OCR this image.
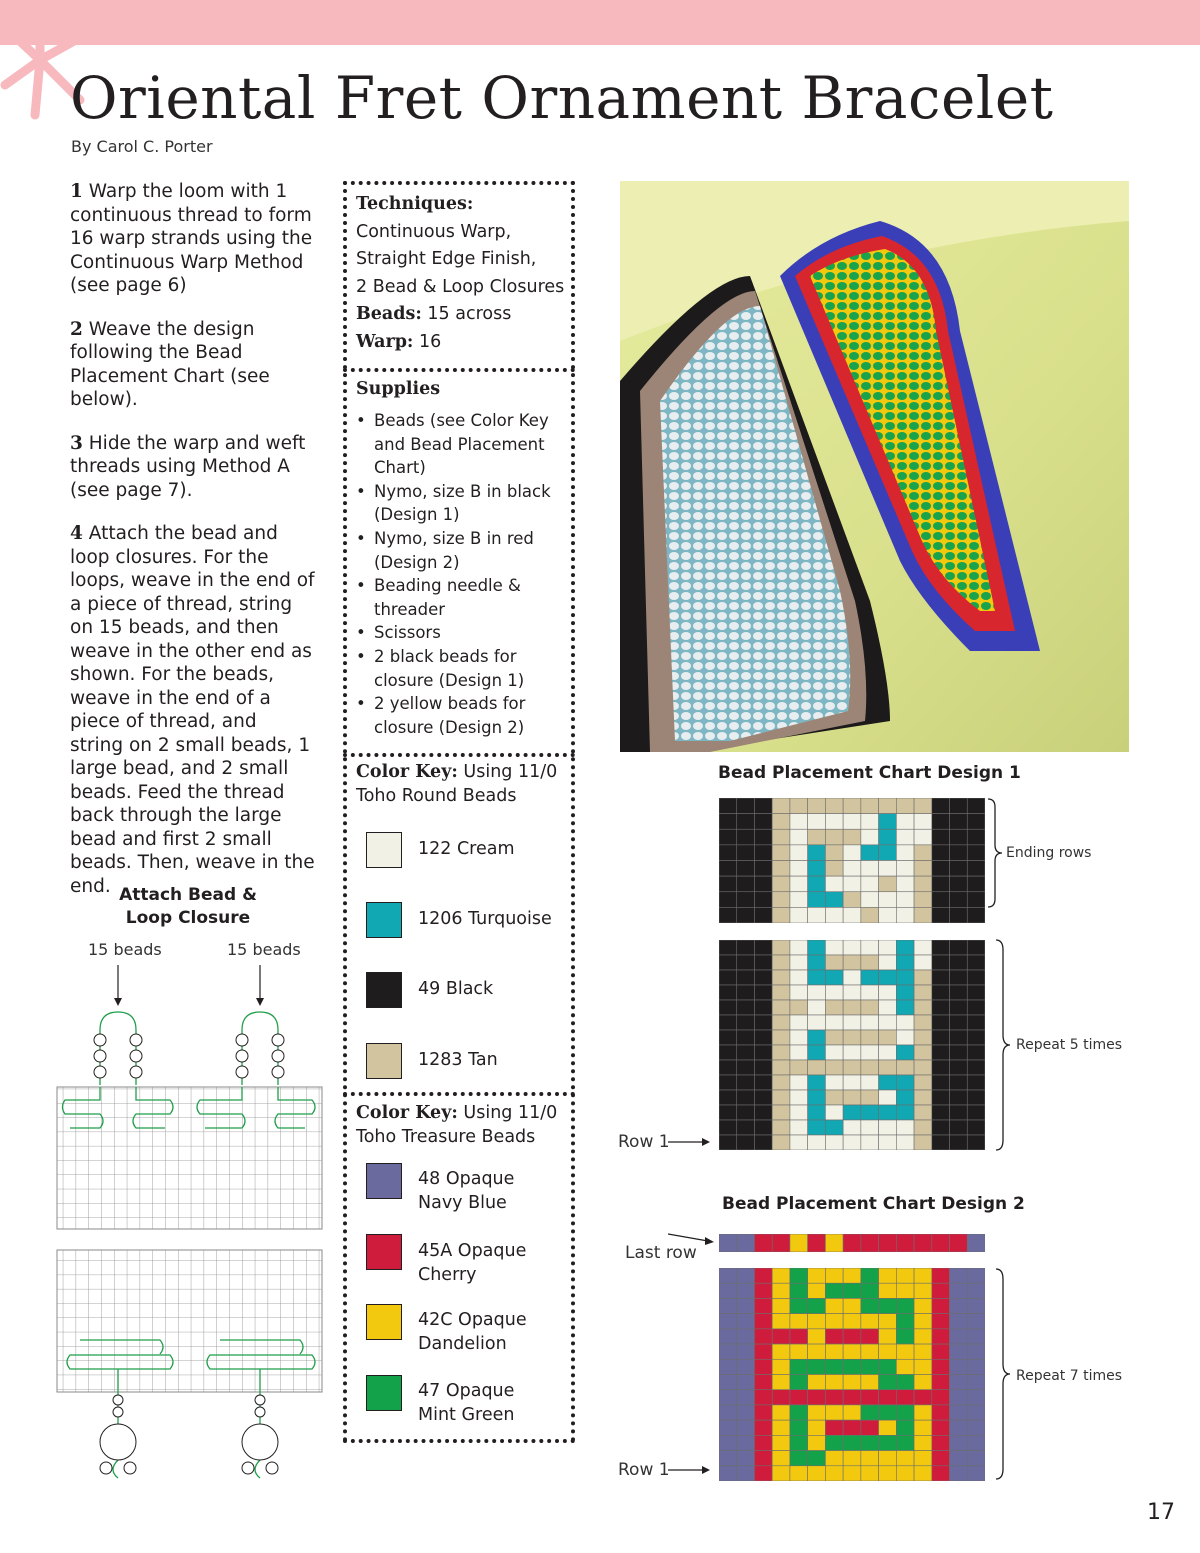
Oriental Fret Ornament Bracelet
By Carol C. Porter
1 Warp the loom with 1 continuous thread to form 16 warp strands using the Continuous Warp Method (see page 6)
2 Weave the design following the Bead Placement Chart (see below).
3 Hide the warp and weft threads using Method A (see page 7).
4 Attach the bead and loop closures. For the loops, weave in the end of a piece of thread, string on 15 beads, and then weave in the other end as shown. For the beads, weave in the end of a piece of thread, and string on 2 small beads, 1 large bead, and 2 small beads. Feed the thread back through the large bead and first 2 small beads. Then, weave in the end. Attach Bead &
Loop Closure
15 beads	15 beads
Techniques:
Continuous Warp,
Straight Edge Finish,
2 Bead & Loop Closures
Beads: 15 across
Warp: 16
Supplies
• Beads (see Color Key and Bead Placement Chart)
• Nymo, size B in black (Design 1)
• Nymo, size B in red (Design 2)
• Beading needle & threader
• Scissors
• 2 black beads for closure (Design 1)
• 2 yellow beads for closure (Design 2)
Color Key: Using 11/0
Toho Round Beads
122 Cream
1206 Turquoise
49 Black
1283 Tan
Color Key: Using 11/0
Toho Treasure Beads
48 Opaque
Navy Blue
45A Opaque
Cherry
42C Opaque
Dandelion
47 Opaque
Mint Green
Bead Placement Chart Design 1
Ending rows
Repeat 5 times
Row 1
Bead Placement Chart Design 2
Last row
Repeat 7 times
Row 1
17
